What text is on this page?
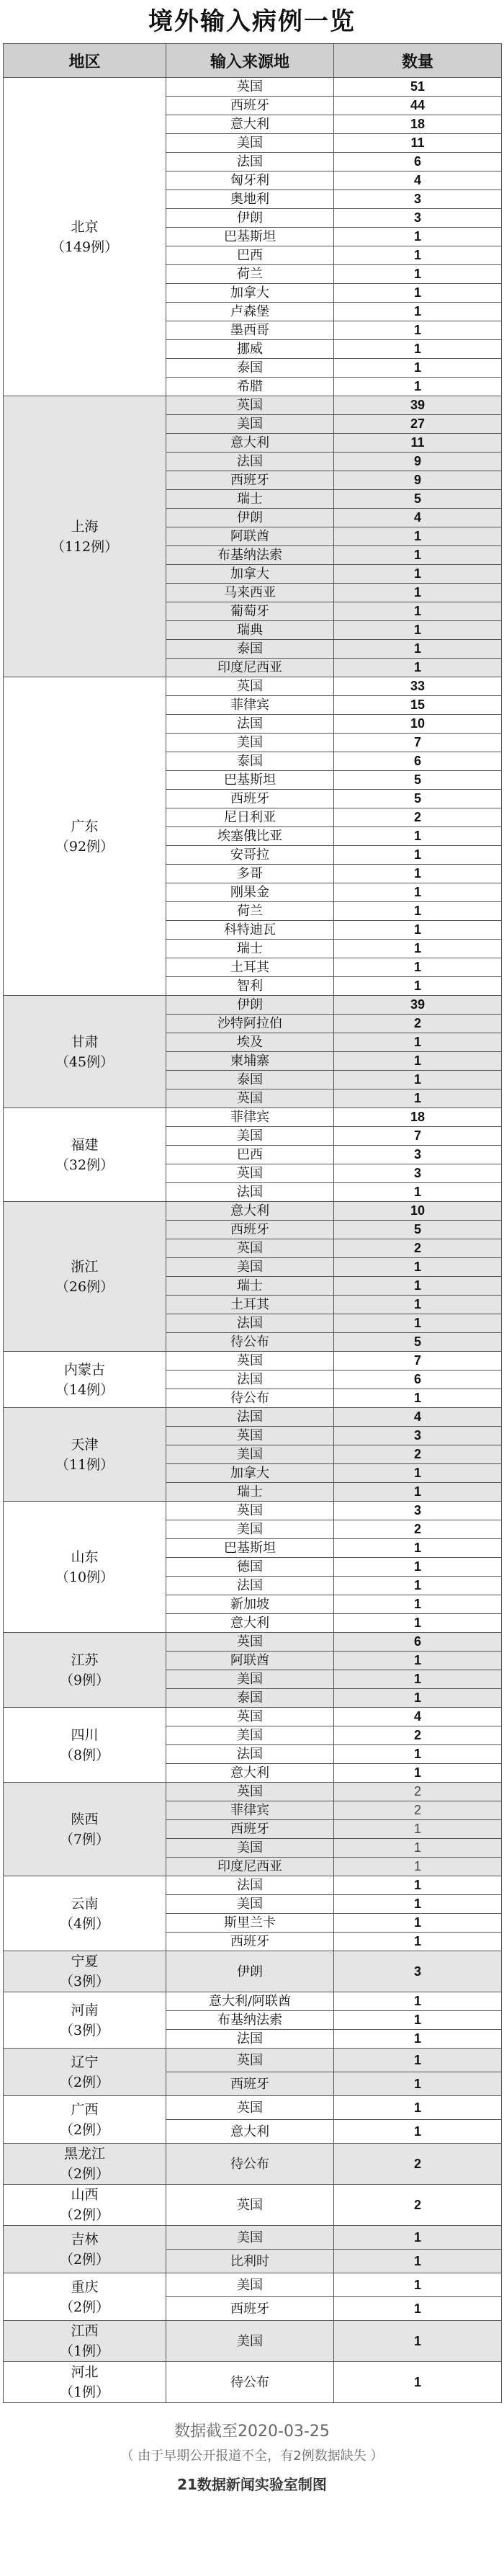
境外输入病例一览
地区	输入来源地	数量

北京
（149例）	英国	51
	西班牙	44
	意大利	18
	美国	11
	法国	6
	匈牙利	4
	奥地利	3
	伊朗	3
	巴基斯坦	1
	巴西	1
	荷兰	1
	加拿大	1
	卢森堡	1
	墨西哥	1
	挪威	1
	泰国	1
	希腊	1

上海
（112例）	英国	39
	美国	27
	意大利	11
	法国	9
	西班牙	9
	瑞士	5
	伊朗	4
	阿联酋	1
	布基纳法索	1
	加拿大	1
	马来西亚	1
	葡萄牙	1
	瑞典	1
	泰国	1
	印度尼西亚	1

广东
（92例）	英国	33
	菲律宾	15
	法国	10
	美国	7
	泰国	6
	巴基斯坦	5
	西班牙	5
	尼日利亚	2
	埃塞俄比亚	1
	安哥拉	1
	多哥	1
	刚果金	1
	荷兰	1
	科特迪瓦	1
	瑞士	1
	土耳其	1
	智利	1

甘肃
（45例）	伊朗	39
	沙特阿拉伯	2
	埃及	1
	柬埔寨	1
	泰国	1
	英国	1

福建
（32例）	菲律宾	18
	美国	7
	巴西	3
	英国	3
	法国	1

浙江
（26例）	意大利	10
	西班牙	5
	英国	2
	美国	1
	瑞士	1
	土耳其	1
	法国	1
	待公布	5

内蒙古
（14例）	英国	7
	法国	6
	待公布	1

天津
（11例）	法国	4
	英国	3
	美国	2
	加拿大	1
	瑞士	1

山东
（10例）	英国	3
	美国	2
	巴基斯坦	1
	德国	1
	法国	1
	新加坡	1
	意大利	1

江苏
（9例）	英国	6
	阿联酋	1
	美国	1
	泰国	1

四川
（8例）	英国	4
	美国	2
	法国	1
	意大利	1

陕西
（7例）	英国	2
	菲律宾	2
	西班牙	1
	美国	1
	印度尼西亚	1

云南
（4例）	法国	1
	美国	1
	斯里兰卡	1
	西班牙	1

宁夏
（3例）	伊朗	3

河南
（3例）	意大利/阿联酋	1
	布基纳法索	1
	法国	1

辽宁
（2例）	英国	1
	西班牙	1

广西
（2例）	英国	1
	意大利	1

黑龙江
（2例）	待公布	2

山西
（2例）	英国	2

吉林
（2例）	美国	1
	比利时	1

重庆
（2例）	美国	1
	西班牙	1

江西
（1例）	美国	1

河北
（1例）	待公布	1
数据截至2020-03-25
（ 由于早期公开报道不全，有2例数据缺失 ）
21数据新闻实验室制图
